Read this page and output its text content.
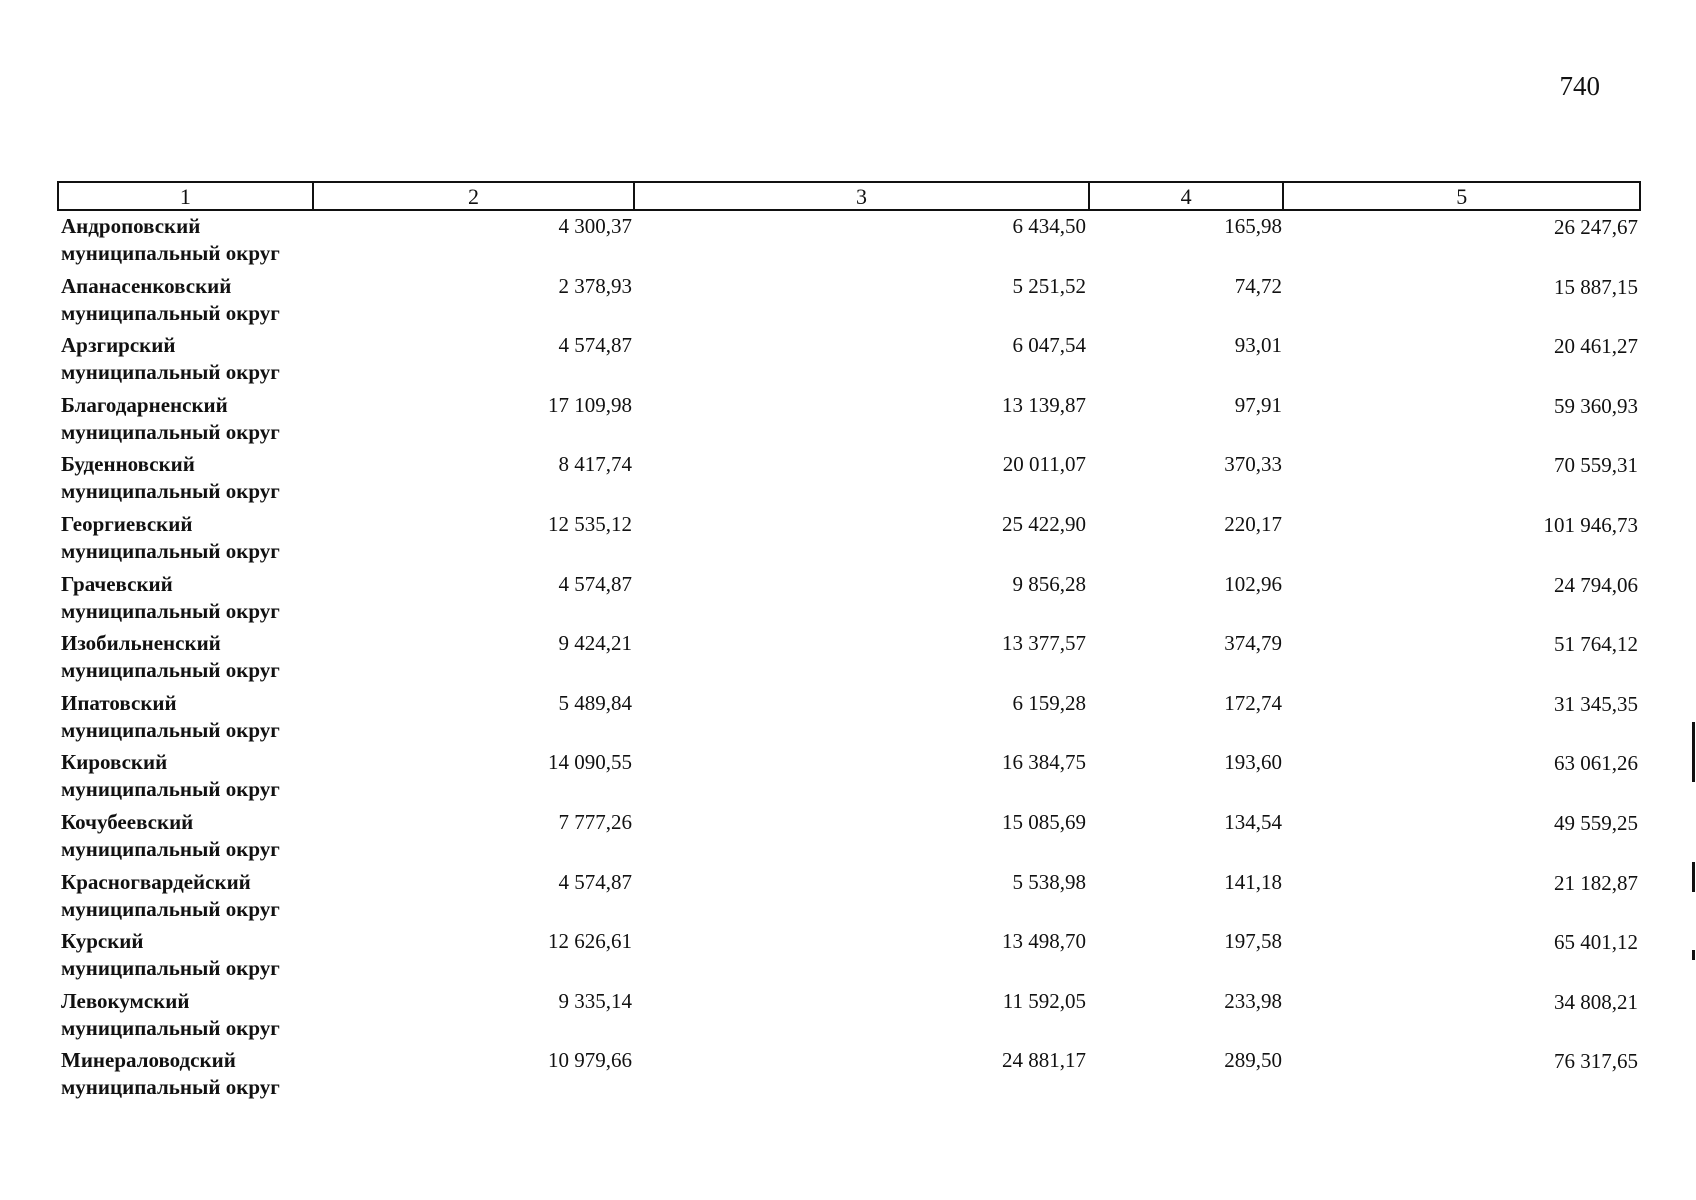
740
1	2	3	4	5
Андроповский
муниципальный округ
4 300,37	6 434,50	165,98	26 247,67
Апанасенковский
муниципальный округ
2 378,93	5 251,52	74,72	15 887,15
Арзгирский
муниципальный округ
4 574,87	6 047,54	93,01	20 461,27
Благодарненский
муниципальный округ
17 109,98	13 139,87	97,91	59 360,93
Буденновский
муниципальный округ
8 417,74	20 011,07	370,33	70 559,31
Георгиевский
муниципальный округ
12 535,12	25 422,90	220,17	101 946,73
Грачевский
муниципальный округ
4 574,87	9 856,28	102,96	24 794,06
Изобильненский
муниципальный округ
9 424,21	13 377,57	374,79	51 764,12
Ипатовский
муниципальный округ
5 489,84	6 159,28	172,74	31 345,35
Кировский
муниципальный округ
14 090,55	16 384,75	193,60	63 061,26
Кочубеевский
муниципальный округ
7 777,26	15 085,69	134,54	49 559,25
Красногвардейский
муниципальный округ
4 574,87	5 538,98	141,18	21 182,87
Курский
муниципальный округ
12 626,61	13 498,70	197,58	65 401,12
Левокумский
муниципальный округ
9 335,14	11 592,05	233,98	34 808,21
Минераловодский
муниципальный округ
10 979,66	24 881,17	289,50	76 317,65
